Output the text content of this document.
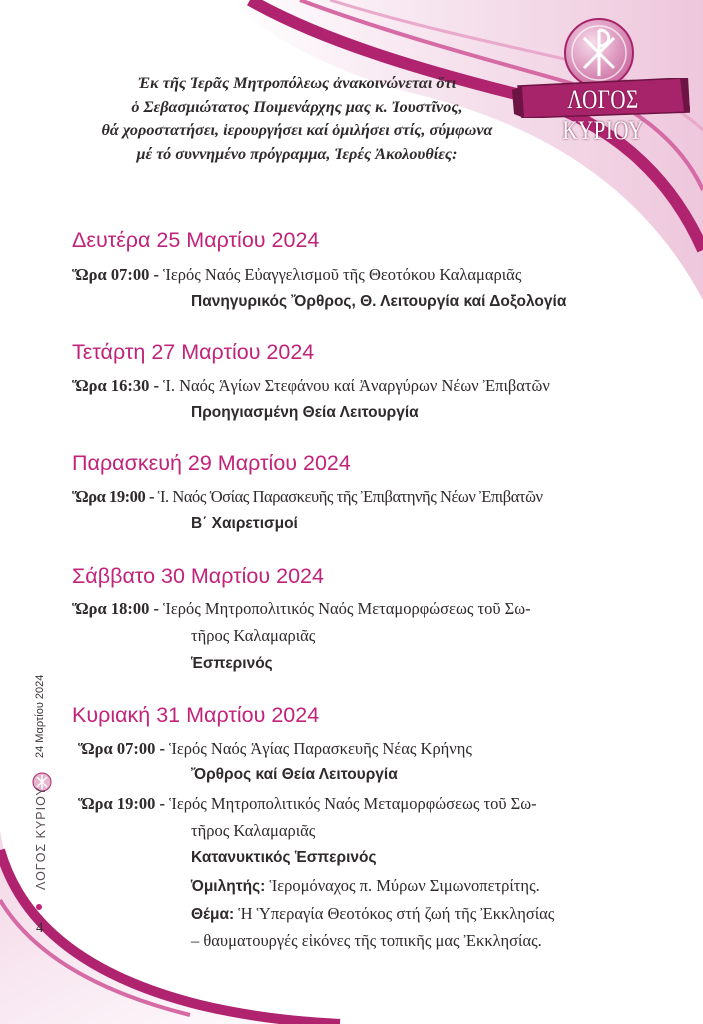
ΛΟΓΟΣ ΚΥΡΙΟΥ
Ἐκ τῆς Ἱερᾶς Μητροπόλεως ἀνακοινώνεται ὅτι
ὁ Σεβασμιώτατος Ποιμενάρχης μας κ. Ἰουστῖνος,
θά χοροστατήσει, ἱερουργήσει καί ὁμιλήσει στίς, σύμφωνα
μέ τό συννημένο πρόγραμμα, Ἱερές Ἀκολουθίες:
Δευτέρα 25 Μαρτίου 2024
Ὥρα 07:00 - Ἱερός Ναός Εὐαγγελισμοῦ τῆς Θεοτόκου Καλαμαριᾶς
Πανηγυρικός Ὄρθρος, Θ. Λειτουργία καί Δοξολογία
Τετάρτη 27 Μαρτίου 2024
Ὥρα 16:30 - Ἱ. Ναός Ἁγίων Στεφάνου καί Ἀναργύρων Νέων Ἐπιβατῶν
Προηγιασμένη Θεία Λειτουργία
Παρασκευή 29 Μαρτίου 2024
Ὥρα 19:00 - Ἱ. Ναός Ὁσίας Παρασκευῆς τῆς Ἐπιβατηνῆς Νέων Ἐπιβατῶν
Β΄ Χαιρετισμοί
Σάββατο 30 Μαρτίου 2024
Ὥρα 18:00 - Ἱερός Μητροπολιτικός Ναός Μεταμορφώσεως τοῦ Σω-
τῆρος Καλαμαριᾶς
Ἑσπερινός
Κυριακή 31 Μαρτίου 2024
Ὥρα 07:00 - Ἱερός Ναός Ἁγίας Παρασκευῆς Νέας Κρήνης
Ὄρθρος καί Θεία Λειτουργία
Ὥρα 19:00 - Ἱερός Μητροπολιτικός Ναός Μεταμορφώσεως τοῦ Σω-
τῆρος Καλαμαριᾶς
Κατανυκτικός Ἑσπερινός
Ὁμιλητής: Ἱερομόναχος π. Μύρων Σιμωνοπετρίτης.
Θέμα: Ἡ Ὑπεραγία Θεοτόκος στή ζωή τῆς Ἐκκλησίας
– θαυματουργές εἰκόνες τῆς τοπικῆς μας Ἐκκλησίας.
24 Μαρτίου 2024
ΛΟΓΟΣ ΚΥΡΙΟΥ
4
